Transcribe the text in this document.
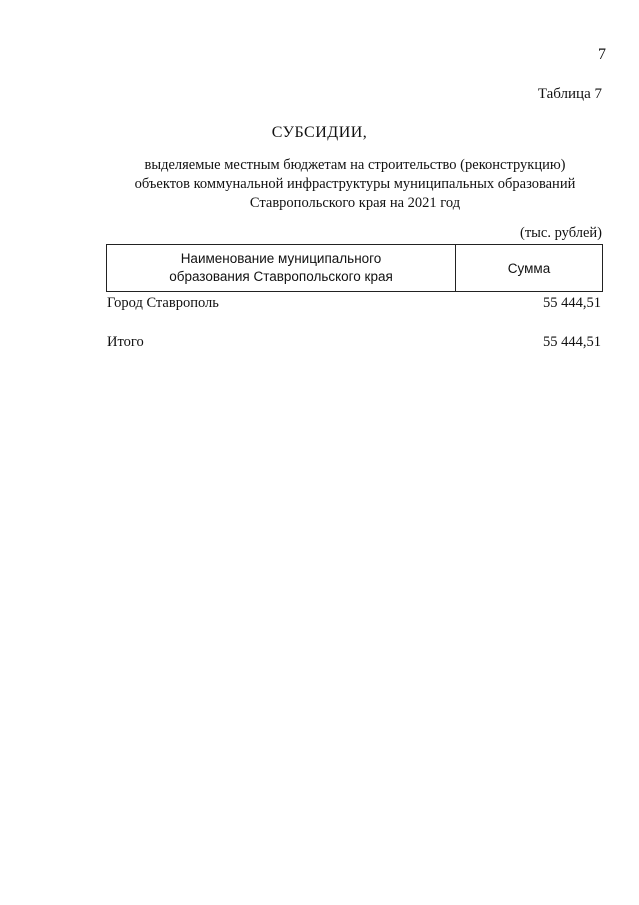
7
Таблица 7
СУБСИДИИ,
выделяемые местным бюджетам на строительство (реконструкцию)
объектов коммунальной инфраструктуры муниципальных образований
Ставропольского края на 2021 год
(тыс. рублей)
Наименование муниципального
образования Ставропольского края
Сумма
Город Ставрополь	55 444,51
Итого	55 444,51
